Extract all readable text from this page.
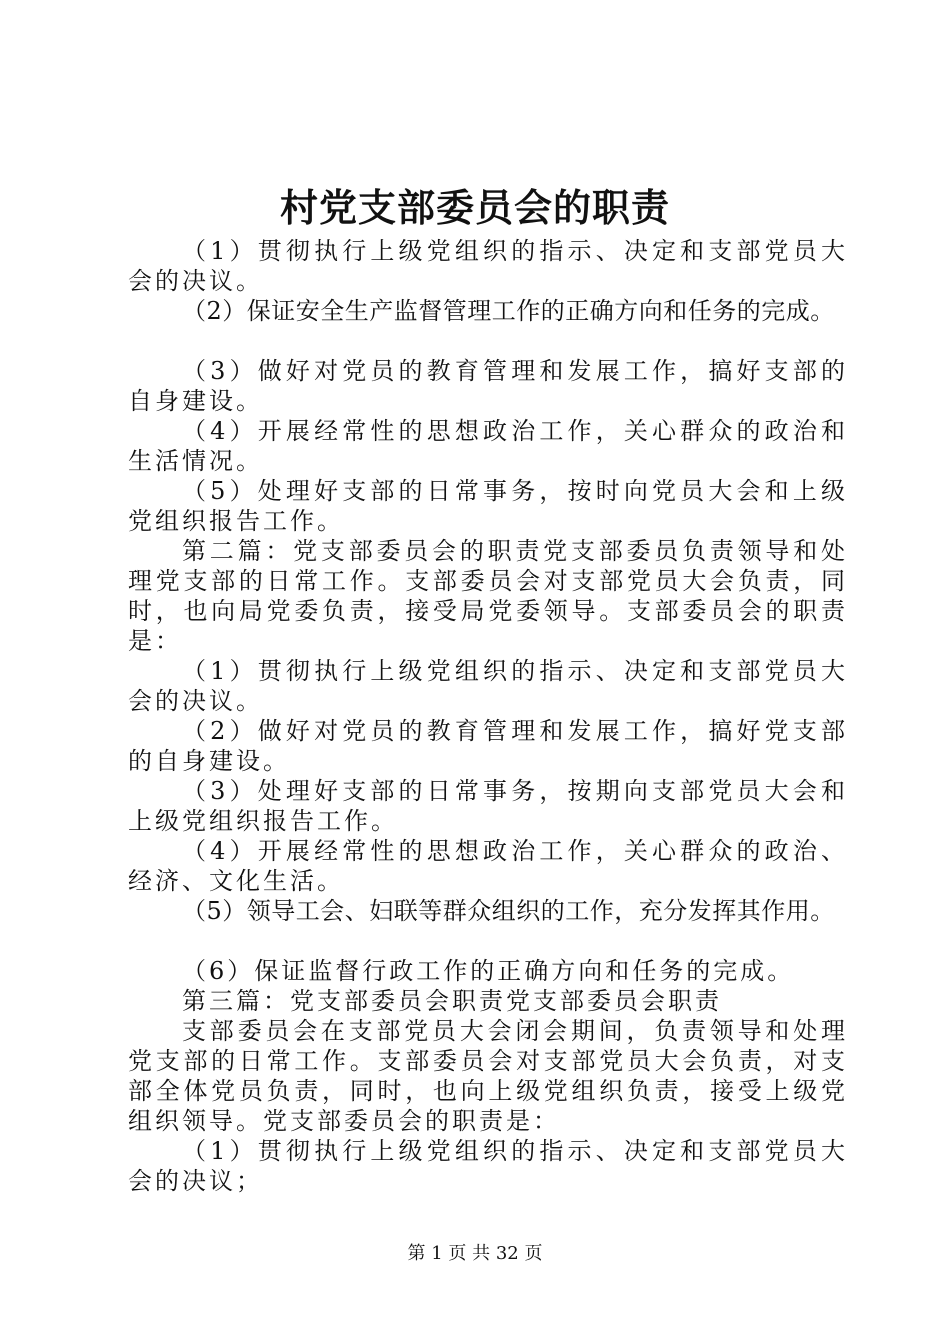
村党支部委员会的职责

（1）贯彻执行上级党组织的指示、决定和支部党员大会的决议。

（2）保证安全生产监督管理工作的正确方向和任务的完成。

（3）做好对党员的教育管理和发展工作，搞好支部的自身建设。

（4）开展经常性的思想政治工作，关心群众的政治和生活情况。

（5）处理好支部的日常事务，按时向党员大会和上级党组织报告工作。

第二篇：党支部委员会的职责党支部委员负责领导和处理党支部的日常工作。支部委员会对支部党员大会负责，同时，也向局党委负责，接受局党委领导。支部委员会的职责是：

（1）贯彻执行上级党组织的指示、决定和支部党员大会的决议。

（2）做好对党员的教育管理和发展工作，搞好党支部的自身建设。

（3）处理好支部的日常事务，按期向支部党员大会和上级党组织报告工作。

（4）开展经常性的思想政治工作，关心群众的政治、经济、文化生活。

（5）领导工会、妇联等群众组织的工作，充分发挥其作用。

（6）保证监督行政工作的正确方向和任务的完成。

第三篇：党支部委员会职责党支部委员会职责

支部委员会在支部党员大会闭会期间，负责领导和处理党支部的日常工作。支部委员会对支部党员大会负责，对支部全体党员负责，同时，也向上级党组织负责，接受上级党组织领导。党支部委员会的职责是：

（1）贯彻执行上级党组织的指示、决定和支部党员大会的决议；

第 1 页 共 32 页
